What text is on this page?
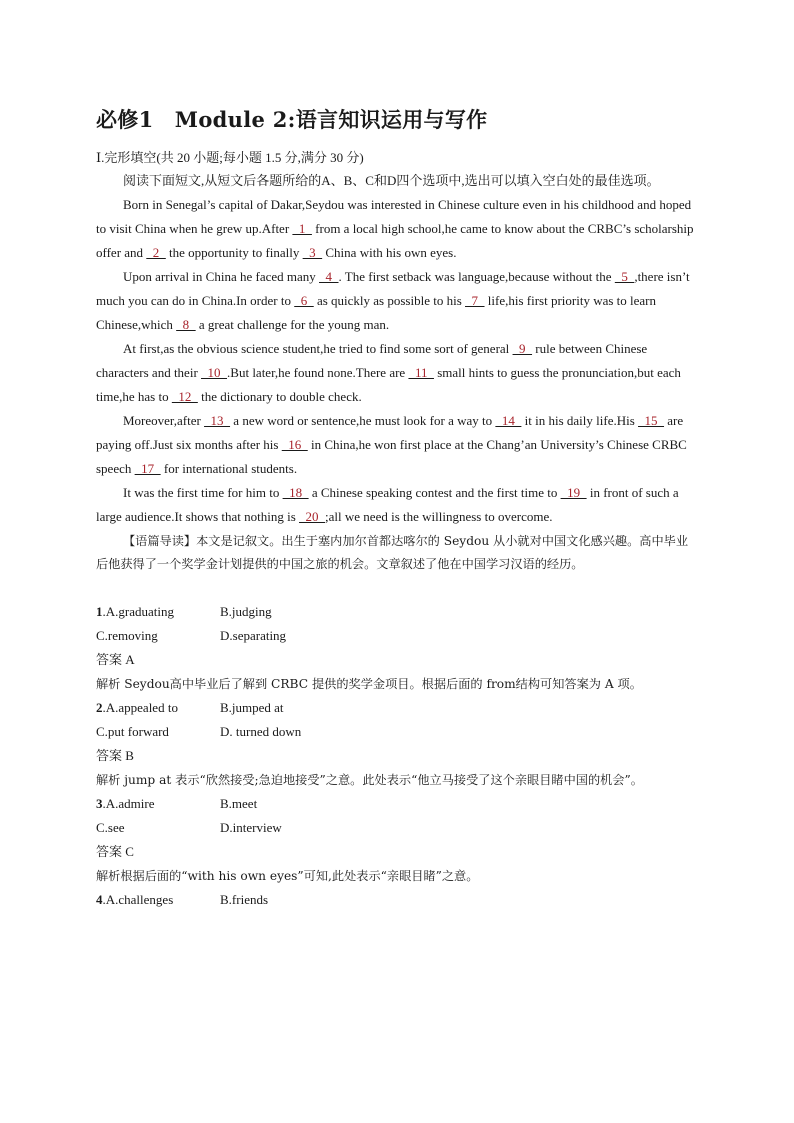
必修1　Module 2:语言知识运用与写作
Ⅰ.完形填空(共 20 小题;每小题 1.5 分,满分 30 分)

阅读下面短文,从短文后各题所给的A、B、C和D四个选项中,选出可以填入空白处的最佳选项。

Born in Senegal’s capital of Dakar,Seydou was interested in Chinese culture even in his childhood and hoped to visit China when he grew up.After   1   from a local high school,he came to know about the CRBC’s scholarship offer and   2   the opportunity to finally   3   China with his own eyes.

Upon arrival in China he faced many   4  . The first setback was language,because without the   5  ,there isn’t much you can do in China.In order to   6   as quickly as possible to his   7   life,his first priority was to learn Chinese,which   8   a great challenge for the young man.

At first,as the obvious science student,he tried to find some sort of general   9   rule between Chinese characters and their   10  .But later,he found none.There are   11   small hints to guess the pronunciation,but each time,he has to   12   the dictionary to double check.

Moreover,after   13   a new word or sentence,he must look for a way to   14   it in his daily life.His   15   are paying off.Just six months after his   16   in China,he won first place at the Chang’an University’s Chinese CRBC speech   17   for international students.

It was the first time for him to   18   a Chinese speaking contest and the first time to   19   in front of such a large audience.It shows that nothing is   20  ;all we need is the willingness to overcome.

【语篇导读】本文是记叙文。出生于塞内加尔首都达喀尔的 Seydou 从小就对中国文化感兴趣。高中毕业后他获得了一个奖学金计划提供的中国之旅的机会。文章叙述了他在中国学习汉语的经历。
1.A.graduating	B.judging
C.removing	D.separating
答案 A
解析 Seydou高中毕业后了解到 CRBC 提供的奖学金项目。根据后面的 from结构可知答案为 A 项。
2.A.appealed to	B.jumped at
C.put forward	D. turned down
答案 B
解析 jump at 表示“欣然接受;急迫地接受”之意。此处表示“他立马接受了这个亲眼目睹中国的机会”。
3.A.admire	B.meet
C.see	D.interview
答案 C
解析根据后面的“with his own eyes”可知,此处表示“亲眼目睹”之意。
4.A.challenges	B.friends
